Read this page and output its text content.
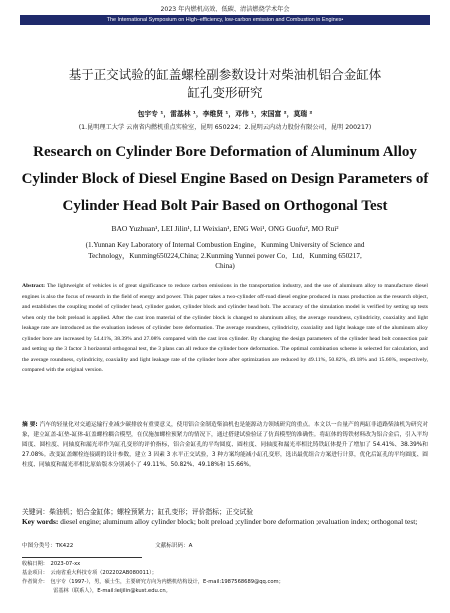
2023 年内燃机高效、低碳、清洁燃烧学术年会
The International Symposium on High–efficiency, low-carbon emission and Combustion in Engines•
基于正交试验的缸盖螺栓副参数设计对柴油机铝合金缸体
缸孔变形研究
包宇专 ¹，雷基林 ¹，李维贤 ¹，邓伟 ¹，宋国富 ²，莫瑞 ²
(1.昆明理工大学 云南省内燃机重点实验室，昆明 650224；2.昆明云内动力股份有限公司，昆明 200217)
Research on Cylinder Bore Deformation of Aluminum Alloy
Cylinder Block of Diesel Engine Based on Design Parameters of
Cylinder Head Bolt Pair Based on Orthogonal Test
BAO Yuzhuan¹, LEI Jilin¹, LI Weixian¹, ENG Wei¹, ONG Guofu², MO Rui²
(1.Yunnan Key Laboratory of Internal Combustion Engine，Kunming University of Science and
Technology，Kunming650224,China; 2.Kunming Yunnei power Co．Ltd．Kunming 650217,
China)
Abstract: The lightweight of vehicles is of great significance to reduce carbon emissions in the transportation industry, and the use of aluminum alloy to manufacture diesel engines is also the focus of research in the field of energy and power. This paper takes a two-cylinder off-road diesel engine produced in mass production as the research object, and establishes the coupling model of cylinder head, cylinder gasket, cylinder block and cylinder head bolt. The accuracy of the simulation model is verified by setting up tests when only the bolt preload is applied. After the cast iron material of the cylinder block is changed to aluminum alloy, the average roundness, cylindricity, coaxiality and light leakage rate are introduced as the evaluation indexes of cylinder bore deformation. The average roundness, cylindricity, coaxiality and light leakage rate of the aluminum alloy cylinder bore are increased by 54.41%, 38.39% and 27.08% compared with the cast iron cylinder. By changing the design parameters of the cylinder head bolt connection pair and setting up the 3 factor 3 horizontal orthogonal test, the 3 plans can all reduce the cylinder bore deformation. The optimal combination scheme is selected for calculation, and the average roundness, cylindricity, coaxiality and light leakage rate of the cylinder bore after optimization are reduced by 49.11%, 50.82%, 49.18% and 15.66%, respectively, compared with the original version.
摘 要: 汽车的轻量化对交通运输行业减少碳排放有重要意义，使用铝合金制造柴油机也是能源动力领域研究的重点。本文以一台量产的两缸非道路柴油机为研究对象，建立缸盖-缸垫-缸体-缸盖螺栓耦合模型，在仅施加螺栓预紧力的情况下，通过搭建试验验证了仿真模型的准确性。将缸体的铸铁材料改为铝合金后，引入平均圆度、圆柱度、同轴度和漏光率作为缸孔变形的评价指标，铝合金缸孔的平均圆度、圆柱度、同轴度和漏光率相比铸铁缸体提升了增加了 54.41%、38.39%和 27.08%。改变缸盖螺栓连接副的设计参数，建立 3 因素 3 水平正交试验，3 种方案均能减小缸孔变形，选出最优组合方案进行计算，优化后缸孔的平均圆度、圆柱度、同轴度和漏光率相比原始版本分别减小了 49.11%、50.82%、49.18%和 15.66%。
关键词：柴油机；铝合金缸体；螺栓预紧力；缸孔变形；评价指标；正交试验
Key words: diesel engine; aluminum alloy cylinder block; bolt preload ;cylinder bore deformation ;evaluation index; orthogonal test;
中图分类号：TK422	文献标识码：A
收稿日期：　2023-07-xx
基金项目：　云南省重大科技专项（202202AB080011）；
作者简介：　包宇专（1997-），男，硕士生，主要研究方向为内燃机结构设计，E-mail:1987568689@qq.com；
　　　　　　雷基林（联系人），E-mail:leijilin@kust.edu.cn。
